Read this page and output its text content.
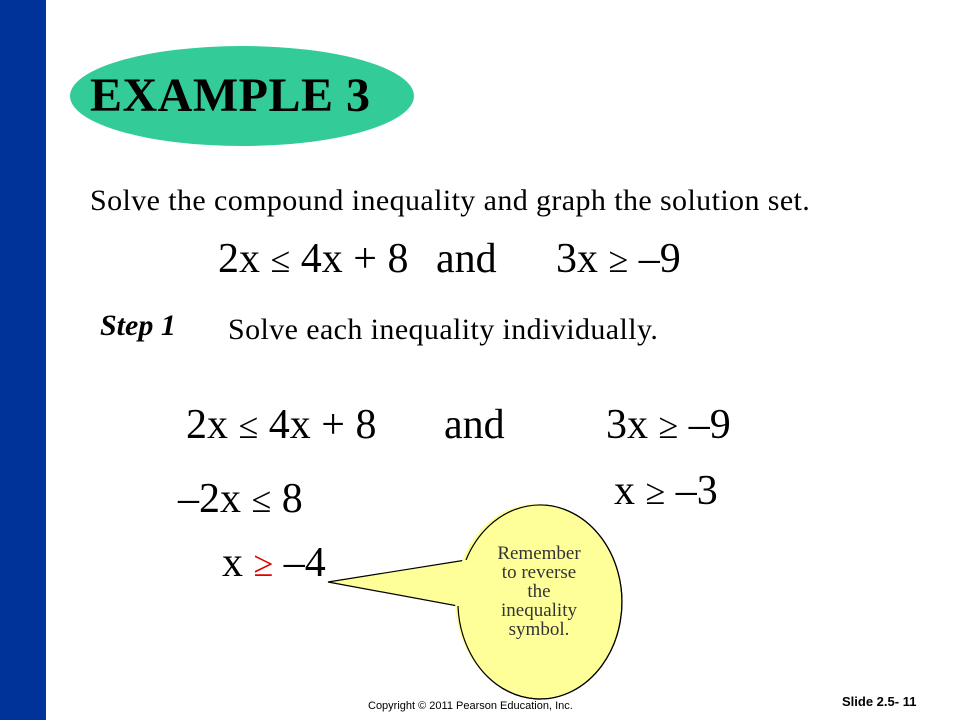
EXAMPLE 3
Solve the compound inequality and graph the solution set.
2x ≤ 4x + 8 and 3x ≥ –9
Step 1 Solve each inequality individually.
2x ≤ 4x + 8
–2x ≤ 8
x ≥ –4
and 3x ≥ –9
x ≥ –3
Remember
to reverse
the
inequality
symbol.
Copyright © 2011 Pearson Education, Inc.	Slide 2.5- 11
